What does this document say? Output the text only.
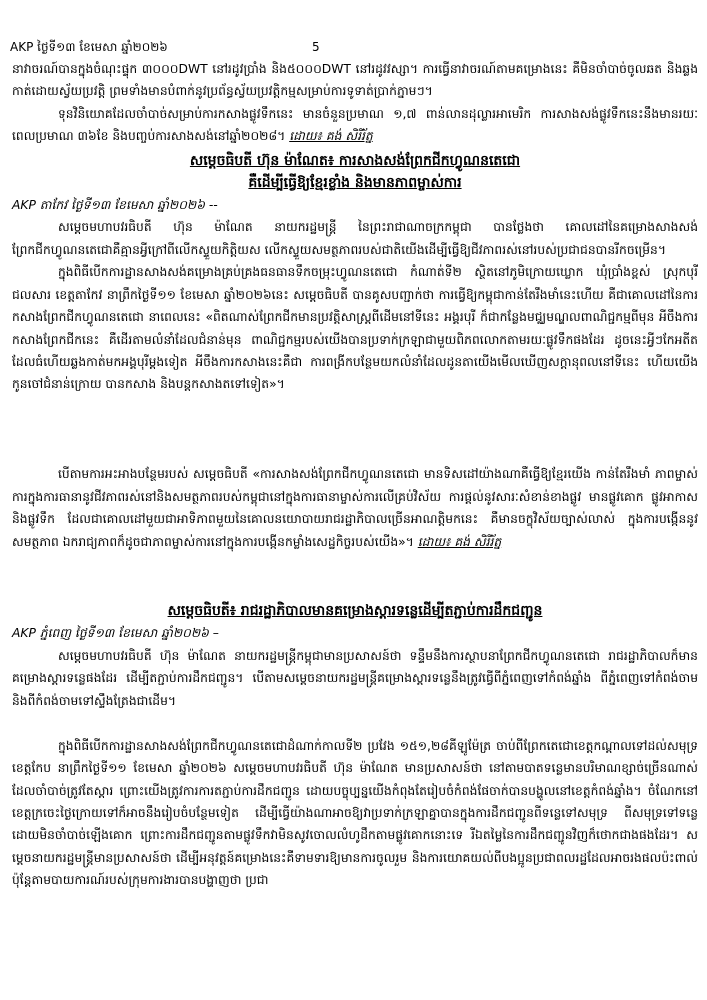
AKP ថ្ងៃទី១៣ ខែមេសា ឆ្នាំ២០២៦	5

នាវាចរណ៍បានក្នុងចំណុះផ្ទុក ៣០០០DWT នៅរដូវប្រាំង និង៥០០០DWT នៅរដូវវស្សា។ ការធ្វើនាវាចរណ៍តាមគម្រោងនេះ គឺមិនចាំបាច់ចូលឆត និងឆ្លងកាត់ដោយស្វ័យប្រវត្តិ ព្រមទាំងមានបំពាក់នូវប្រព័ន្ធស្វ័យប្រវត្តិកម្មសម្រាប់ការទូទាត់ប្រាក់ភ្នាមៗ។

ទុនវិនិយោគដែលចាំបាច់សម្រាប់ការកសាងផ្លូវទឹកនេះ មានចំនួនប្រមាណ ១,៧ ពាន់លានដុល្លារអាមេរិក ការសាងសង់ផ្លូវទឹកនេះនឹងមានរយៈពេលប្រមាណ ៣៦ខែ និងបញ្ចប់ការសាងសង់នៅឆ្នាំ២០២៨។ ដោយ៖ គង់ សិរីរ័ត្ន

សម្តេចធិបតី ហ៊ុន ម៉ាណែត៖ ការសាងសង់ព្រែកជីកហ្វូណនតេជោ
គឺដើម្បីធ្វើឱ្យខ្មែរខ្លាំង និងមានភាពម្ចាស់ការ
AKP តាកែវ ថ្ងៃទី១៣ ខែមេសា ឆ្នាំ២០២៦ --

សម្តេចមហាបវរធិបតី ហ៊ុន ម៉ាណែត នាយករដ្ឋមន្ត្រី នៃព្រះរាជាណាចក្រកម្ពុជា បានថ្លែងថា គោលដៅនៃគម្រោងសាងសង់ព្រែកជីកហ្វូណនតេជោគឺគ្មានអ្វីក្រៅពីលើកស្ទួយកិត្តិយស លើកស្ទួយសមត្ថភាពរបស់ជាតិយើងដើម្បីធ្វើឱ្យជីវភាពរស់នៅរបស់ប្រជាជនបានរីកចម្រើន។

ក្នុងពិធីបើកការដ្ឋានសាងសង់គម្រោងគ្រប់គ្រងធនធានទឹកចម្រុះហ្វូណនតេជោ កំណាត់ទី២ ស្ថិតនៅភូមិក្រោយឃ្លោក ឃុំប្រាំងខ្ពស់ ស្រុកបុរីជលសារ ខេត្តតាកែវ នាព្រឹកថ្ងៃទី១១ ខែមេសា ឆ្នាំ២០២៦នេះ សម្តេចធិបតី បានគូសបញ្ជាក់ថា ការធ្វើឱ្យកម្ពុជាកាន់តែរឹងមាំនេះហើយ គឺជាគោលដៅនៃការកសាងព្រែកជីកហ្វូណនតេជោ នាពេលនេះ «ពិតណាស់ព្រែកជីកមានប្រវត្តិសាស្ត្រពីដើមនៅទីនេះ អង្គរបុរី ក៏ជាកន្លែងមជ្ឈមណ្ឌលពាណិជ្ជកម្មពីមុន អីចឹងការកសាងព្រែកជីកនេះ គឺដើរតាមលំនាំដែលជំនាន់មុន ពាណិជ្ជកម្មរបស់យើងបានប្រទាក់ក្រឡាជាមួយពិភពលោកតាមរយៈផ្លូវទឹកផងដែរ ដូចនេះអ្វីៗកែអតីតដែលធំហើយឆ្លងកាត់មកអង្គបុរីម្តងទៀត អីចឹងការកសាងនេះគឺជា ការពង្រីកបន្ថែមយកលំនាំដែលដូនតាយើងមើលឃើញសក្តានុពលនៅទីនេះ ហើយយើងកូនចៅជំនាន់ក្រោយ បានកសាង និងបន្តកសាងតទៅទៀត»។

បើតាមការអះអាងបន្ថែមរបស់ សម្តេចធិបតី «ការសាងសង់ព្រែកជីកហ្វូណនតេជោ មានទិសដៅយ៉ាងណាគឺធ្វើឱ្យខ្មែរយើង កាន់តែរឹងមាំ ភាពម្ចាស់ការក្នុងការធានានូវជីវភាពរស់នៅនិងសមត្ថភាពរបស់កម្ពុជានៅក្នុងការធានាម្ចាស់ការលើគ្រប់វិស័យ ការផ្តល់នូវសារៈសំខាន់ខាងផ្លូវ មានផ្លូវគោក ផ្លូវអាកាស និងផ្លូវទឹក ដែលជាគោលដៅមួយជាអាទិភាពមួយនៃគោលនយោបាយរាជរដ្ឋាភិបាលច្រើនអាណត្តិមកនេះ គឺមានចក្ខុវិស័យច្បាស់លាស់ ក្នុងការបង្កើននូវសមត្ថភាព ឯករាជ្យភាពក៏ដូចជាភាពម្ចាស់ការនៅក្នុងការបង្កើនកម្លាំងសេដ្ឋកិច្ចរបស់យើង»។ ដោយ៖ គង់ សិរីរ័ត្ន

សម្តេចធិបតី៖ រាជរដ្ឋាភិបាលមានគម្រោងស្តារទន្លេដើម្បីតភ្ជាប់ការដឹកជញ្ជូន
AKP ភ្នំពេញ ថ្ងៃទី១៣ ខែមេសា ឆ្នាំ២០២៦ –

សម្តេចមហាបវរធិបតី ហ៊ុន ម៉ាណែត នាយករដ្ឋមន្ត្រីកម្ពុជាមានប្រសាសន៍ថា ទន្ទឹមនឹងការស្ថាបនាព្រែកជីកហ្វូណនតេជោ រាជរដ្ឋាភិបាលក៏មានគម្រោងស្តារទន្លេផងដែរ ដើម្បីតភ្ជាប់ការដឹកជញ្ជូន។ បើតាមសម្តេចនាយករដ្ឋមន្ត្រីគម្រោងស្តារទន្លេនឹងត្រូវធ្វើពីភ្នំពេញទៅកំពង់ឆ្នាំង ពីភ្នំពេញទៅកំពង់ចាម និងពីកំពង់ចាមទៅស្ទឹងត្រែងជាដើម។

ក្នុងពិធីបើកការដ្ឋានសាងសង់ព្រែកជីកហ្វូណនតេជោដំណាក់កាលទី២ ប្រវែង ១៥១,២៨គីឡូម៉ែត្រ ចាប់ពីព្រែកតេជោខេត្តកណ្តាលទៅដល់សមុទ្រខេត្តកែប នាព្រឹកថ្ងៃទី១១ ខែមេសា ឆ្នាំ២០២៦ សម្តេចមហាបវរធិបតី ហ៊ុន ម៉ាណែត មានប្រសាសន៍ថា នៅតាមបាតទន្លេមានបរិមាណខ្សាច់ច្រើនណាស់ ដែលចាំបាច់ត្រូវតែស្តារ ព្រោះយើងត្រូវការការតភ្ជាប់ការដឹកជញ្ជូន ដោយបច្ចុប្បន្នយើងកំពុងតែរៀបចំកំពង់ផែចាក់បានបង្ហូលនៅខេត្តកំពង់ឆ្នាំង។ ចំណែកនៅខេត្តក្រចេះថ្ងៃក្រោយទៅក៏អាចនឹងរៀបចំបន្ថែមទៀត ដើម្បីធ្វើយ៉ាងណាអាចឱ្យវាប្រទាក់ក្រឡាគ្នាបានក្នុងការដឹកជញ្ជូនពីទន្លេទៅសមុទ្រ ពីសមុទ្រទៅទន្លេ ដោយមិនចាំបាច់ឡើងគោក ព្រោះការដឹកជញ្ជូនតាមផ្លូវទឹកវាមិនសូវចោលលំហូដឹកតាមផ្លូវគោកនោះទេ រីឯតម្លៃនៃការដឹកជញ្ជូនវិញក៏ថោកជាងផងដែរ។ សម្តេចនាយករដ្ឋមន្ត្រីមានប្រសាសន៍ថា ដើម្បីអនុវត្តន៍គម្រោងនេះគឺទាមទារឱ្យមានការចូលរួម និងការយោគយល់ពីបងប្អូនប្រជាពលរដ្ឋដែលអាចរងផលប៉ះពាល់ ប៉ុន្តែតាមបាយការណ៍របស់ក្រុមការងារបានបង្ហាញថា ប្រជា
